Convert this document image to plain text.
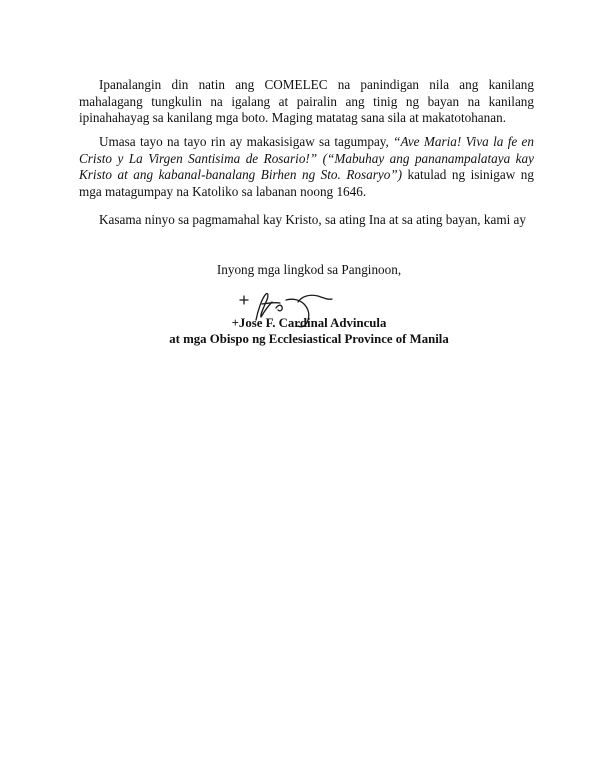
Ipanalangin din natin ang COMELEC na panindigan nila ang kanilang mahalagang tungkulin na igalang at pairalin ang tinig ng bayan na kanilang ipinahahayag sa kanilang mga boto. Maging matatag sana sila at makatotohanan.

Umasa tayo na tayo rin ay makasisigaw sa tagumpay, “Ave Maria! Viva la fe en Cristo y La Virgen Santisima de Rosario!” (“Mabuhay ang pananampalataya kay Kristo at ang kabanal-banalang Birhen ng Sto. Rosaryo”) katulad ng isinigaw ng mga matagumpay na Katoliko sa labanan noong 1646.

Kasama ninyo sa pagmamahal kay Kristo, sa ating Ina at sa ating bayan, kami ay

Inyong mga lingkod sa Panginoon,

+Jose F. Cardinal Advincula

at mga Obispo ng Ecclesiastical Province of Manila
